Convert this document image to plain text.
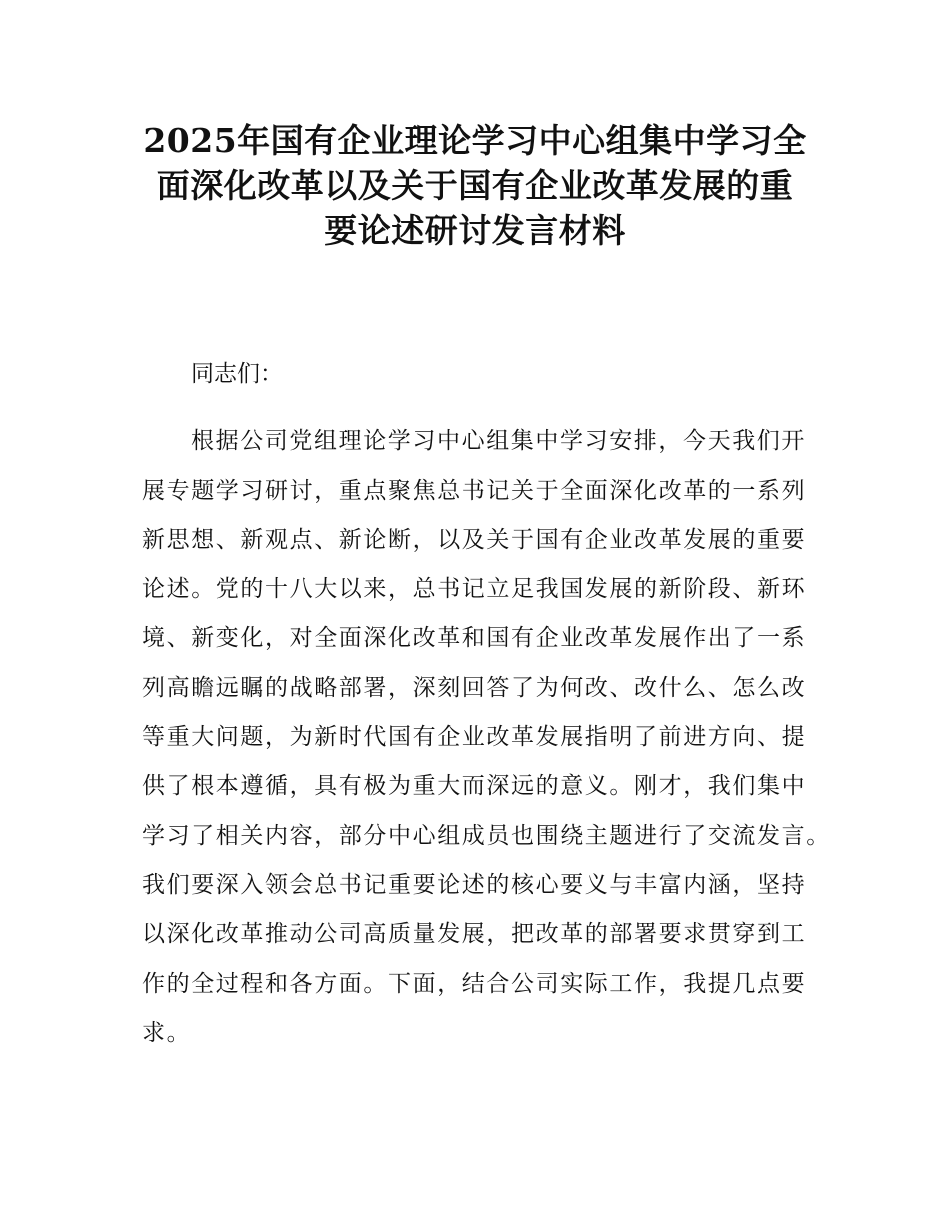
2025年国有企业理论学习中心组集中学习全
面深化改革以及关于国有企业改革发展的重
要论述研讨发言材料

同志们：

根据公司党组理论学习中心组集中学习安排，今天我们开
展专题学习研讨，重点聚焦总书记关于全面深化改革的一系列
新思想、新观点、新论断，以及关于国有企业改革发展的重要
论述。党的十八大以来，总书记立足我国发展的新阶段、新环
境、新变化，对全面深化改革和国有企业改革发展作出了一系
列高瞻远瞩的战略部署，深刻回答了为何改、改什么、怎么改
等重大问题，为新时代国有企业改革发展指明了前进方向、提
供了根本遵循，具有极为重大而深远的意义。刚才，我们集中
学习了相关内容，部分中心组成员也围绕主题进行了交流发言。
我们要深入领会总书记重要论述的核心要义与丰富内涵，坚持
以深化改革推动公司高质量发展，把改革的部署要求贯穿到工
作的全过程和各方面。下面，结合公司实际工作，我提几点要
求。
